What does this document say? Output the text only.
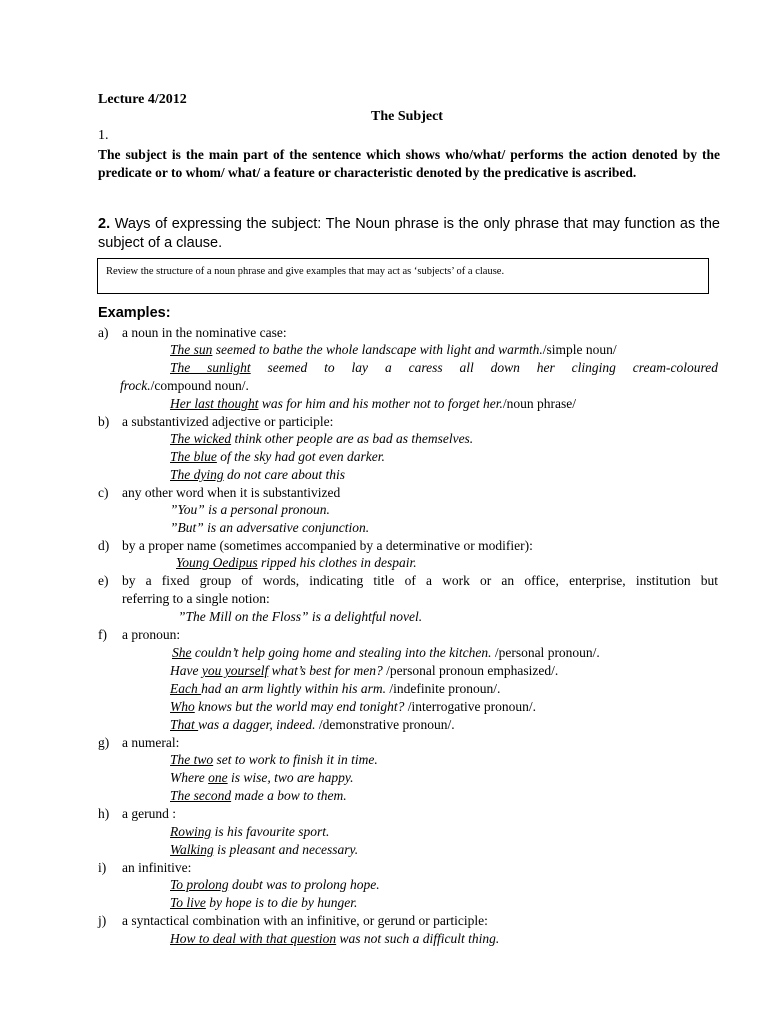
Lecture 4/2012
The Subject
1.
The subject is the main part of the sentence which shows who/what/ performs the action denoted by the predicate or to whom/ what/ a feature or characteristic denoted by the predicative is ascribed.
2. Ways of expressing the subject: The Noun phrase is the only phrase that may function as the subject of a clause.
Review the structure of a noun phrase and give examples that may act as ‘subjects’ of a clause.
Examples:
a) a noun in the nominative case:
The sun seemed to bathe the whole landscape with light and warmth./simple noun/
The sunlight seemed to lay a caress all down her clinging cream-coloured
frock./compound noun/.
Her last thought was for him and his mother not to forget her./noun phrase/
b) a substantivized adjective or participle:
The wicked think other people are as bad as themselves.
The blue of the sky had got even darker.
The dying do not care about this
c) any other word when it is substantivized
”You” is a personal pronoun.
”But” is an adversative conjunction.
d) by a proper name (sometimes accompanied by a determinative or modifier):
Young Oedipus ripped his clothes in despair.
e)	by a fixed group of words, indicating title of a work or an office, enterprise, institution but
referring to a single notion:
”The Mill on the Floss” is a delightful novel.
f) a pronoun:
She couldn’t help going home and stealing into the kitchen. /personal pronoun/.
Have you yourself what’s best for men? /personal pronoun emphasized/.
Each had an arm lightly within his arm. /indefinite pronoun/.
Who knows but the world may end tonight? /interrogative pronoun/.
That was a dagger, indeed. /demonstrative pronoun/.
g) a numeral:
The two set to work to finish it in time.
Where one is wise, two are happy.
The second made a bow to them.
h) a gerund :
Rowing is his favourite sport.
Walking is pleasant and necessary.
i) an infinitive:
To prolong doubt was to prolong hope.
To live by hope is to die by hunger.
j) a syntactical combination with an infinitive, or gerund or participle:
How to deal with that question was not such a difficult thing.
